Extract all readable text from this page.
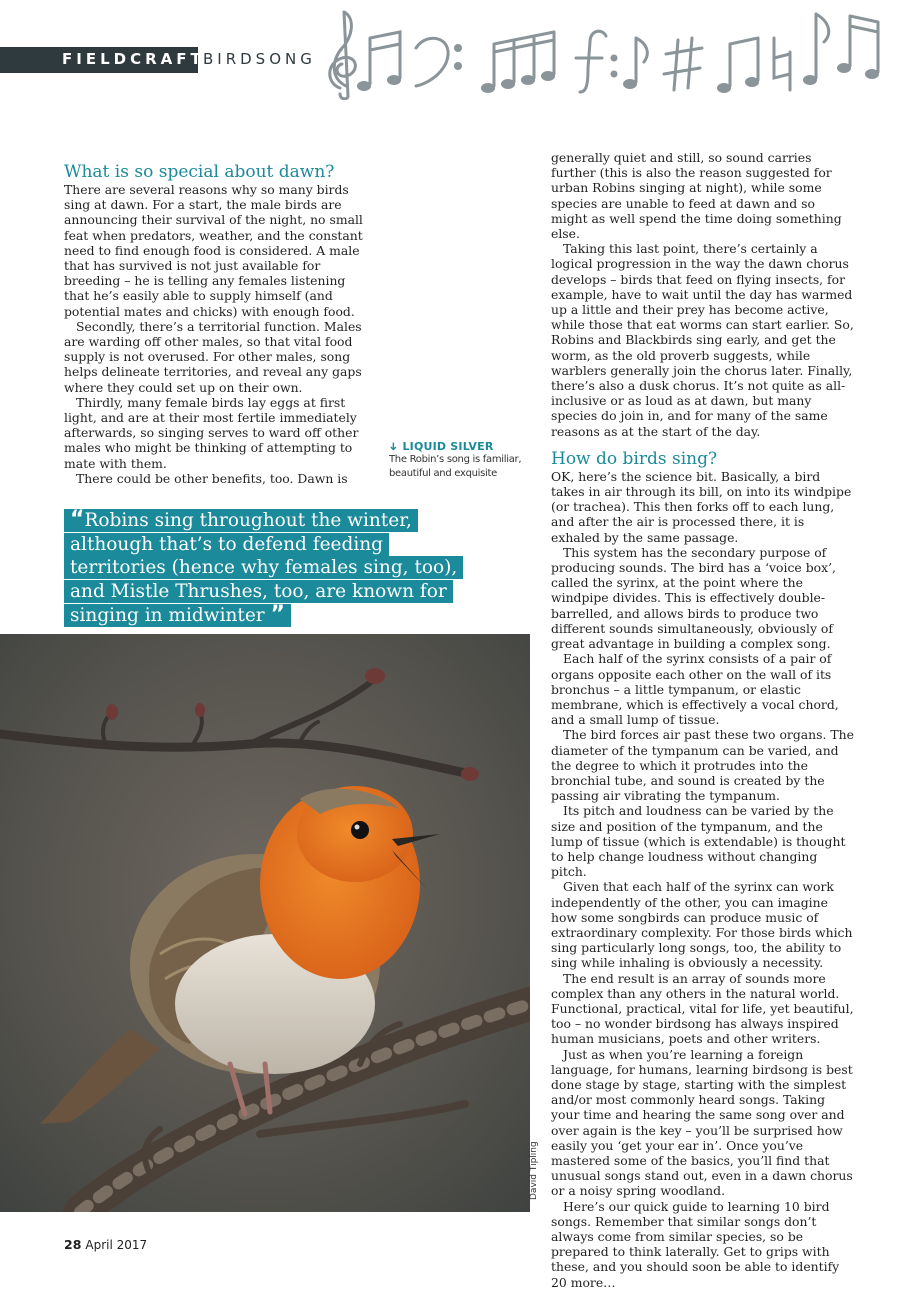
FIELDCRAFT
BIRDSONG
What is so special about dawn?

There are several reasons why so many birds sing at dawn. For a start, the male birds are announcing their survival of the night, no small feat when predators, weather, and the constant need to find enough food is considered. A male that has survived is not just available for breeding – he is telling any females listening that he’s easily able to supply himself (and potential mates and chicks) with enough food.

Secondly, there’s a territorial function. Males are warding off other males, so that vital food supply is not overused. For other males, song helps delineate territories, and reveal any gaps where they could set up on their own.

Thirdly, many female birds lay eggs at first light, and are at their most fertile immediately afterwards, so singing serves to ward off other males who might be thinking of attempting to mate with them.

There could be other benefits, too. Dawn is

➜ LIQUID SILVER
The Robin’s song is familiar, beautiful and exquisite
“Robins sing throughout the winter, although that’s to defend feeding territories (hence why females sing, too), and Mistle Thrushes, too, are known for singing in midwinter ”
David Tipling

generally quiet and still, so sound carries further (this is also the reason suggested for urban Robins singing at night), while some species are unable to feed at dawn and so might as well spend the time doing something else.

Taking this last point, there’s certainly a logical progression in the way the dawn chorus develops – birds that feed on flying insects, for example, have to wait until the day has warmed up a little and their prey has become active, while those that eat worms can start earlier. So, Robins and Blackbirds sing early, and get the worm, as the old proverb suggests, while warblers generally join the chorus later. Finally, there’s also a dusk chorus. It’s not quite as all-inclusive or as loud as at dawn, but many species do join in, and for many of the same reasons as at the start of the day.

How do birds sing?

OK, here’s the science bit. Basically, a bird takes in air through its bill, on into its windpipe (or trachea). This then forks off to each lung, and after the air is processed there, it is exhaled by the same passage.

This system has the secondary purpose of producing sounds. The bird has a ‘voice box’, called the syrinx, at the point where the windpipe divides. This is effectively double-barrelled, and allows birds to produce two different sounds simultaneously, obviously of great advantage in building a complex song.

Each half of the syrinx consists of a pair of organs opposite each other on the wall of its bronchus – a little tympanum, or elastic membrane, which is effectively a vocal chord, and a small lump of tissue.

The bird forces air past these two organs. The diameter of the tympanum can be varied, and the degree to which it protrudes into the bronchial tube, and sound is created by the passing air vibrating the tympanum.

Its pitch and loudness can be varied by the size and position of the tympanum, and the lump of tissue (which is extendable) is thought to help change loudness without changing pitch.

Given that each half of the syrinx can work independently of the other, you can imagine how some songbirds can produce music of extraordinary complexity. For those birds which sing particularly long songs, too, the ability to sing while inhaling is obviously a necessity.

The end result is an array of sounds more complex than any others in the natural world. Functional, practical, vital for life, yet beautiful, too – no wonder birdsong has always inspired human musicians, poets and other writers.

Just as when you’re learning a foreign language, for humans, learning birdsong is best done stage by stage, starting with the simplest and/or most commonly heard songs. Taking your time and hearing the same song over and over again is the key – you’ll be surprised how easily you ‘get your ear in’. Once you’ve mastered some of the basics, you’ll find that unusual songs stand out, even in a dawn chorus or a noisy spring woodland.

Here’s our quick guide to learning 10 bird songs. Remember that similar songs don’t always come from similar species, so be prepared to think laterally. Get to grips with these, and you should soon be able to identify 20 more…

28 April 2017
